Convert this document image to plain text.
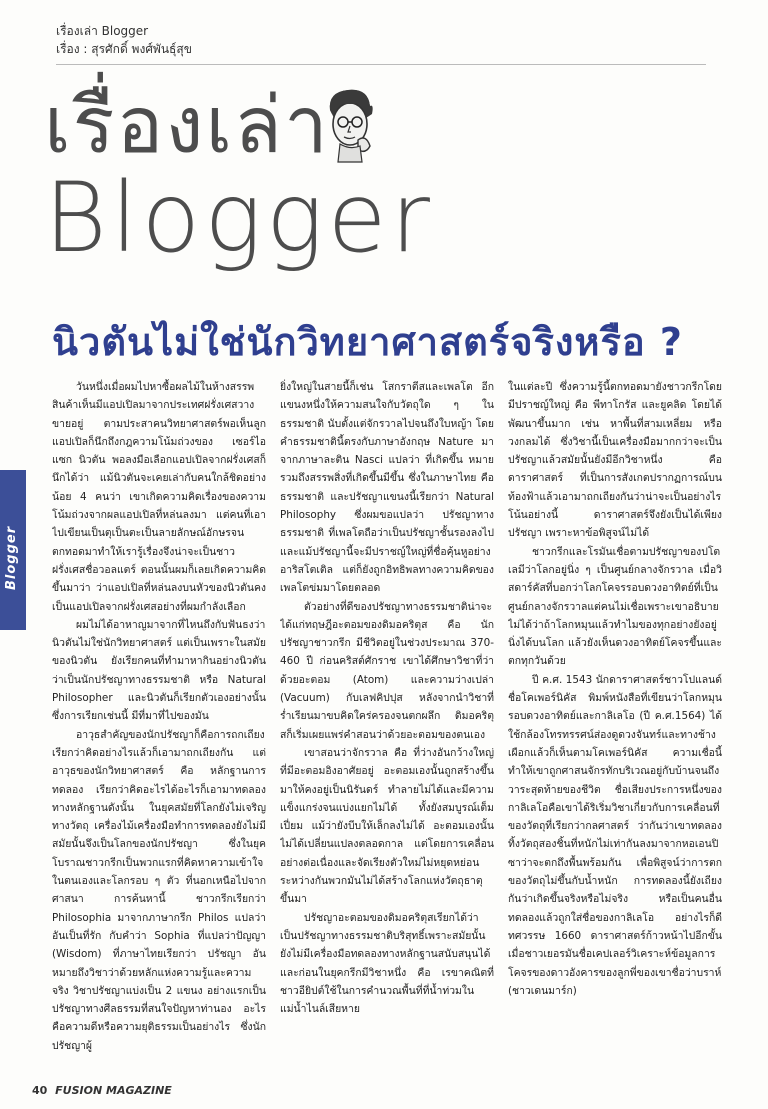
เรื่องเล่า Blogger
เรื่อง : สุรศักดิ์ พงศ์พันธุ์สุข
เรื่องเล่า
Blogger
นิวตันไม่ใช่นักวิทยาศาสตร์จริงหรือ ?
Blogger

วันหนึ่งเมื่อผมไปหาซื้อผลไม้ในห้างสรรพสินค้าเห็นมีแอปเปิลมาจากประเทศฝรั่งเศสวางขายอยู่ ตามประสาคนวิทยาศาสตร์พอเห็นลูกแอปเปิลก็นึกถึงกฎความโน้มถ่วงของ เซอร์ไอแซก นิวตัน พอลงมือเลือกแอปเปิลจากฝรั่งเศสก็นึกได้ว่า แม้นิวตันจะเคยเล่ากับคนใกล้ชิดอย่างน้อย 4 คนว่า เขาเกิดความคิดเรื่องของความโน้มถ่วงจากผลแอปเปิลที่หล่นลงมา แต่คนที่เอาไปเขียนเป็นตุเป็นตะเป็นลายลักษณ์อักษรจนตกทอดมาทำให้เรารู้เรื่องจึงน่าจะเป็นชาวฝรั่งเศสชื่อวอลแตร์ ตอนนั้นผมก็เลยเกิดความคิดขึ้นมาว่า ว่าแอปเปิลที่หล่นลงบนหัวของนิวตันคงเป็นแอปเปิลจากฝรั่งเศสอย่างที่ผมกำลังเลือก

ผมไม่ได้อาหาญมาจากที่ไหนถึงกับฟันธงว่านิวตันไม่ใช่นักวิทยาศาสตร์ แต่เป็นเพราะในสมัยของนิวตัน ยังเรียกคนที่ทำมาหากินอย่างนิวตันว่าเป็นนักปรัชญาทางธรรมชาติ หรือ Natural Philosopher และนิวตันก็เรียกตัวเองอย่างนั้น ซึ่งการเรียกเช่นนี้ มีที่มาที่ไปของมัน

อาวุธสำคัญของนักปรัชญาก็คือการถกเถียงเรียกว่าคิดอย่างไรแล้วก็เอามาถกเถียงกัน แต่อาวุธของนักวิทยาศาสตร์ คือ หลักฐานการทดลอง เรียกว่าคิดอะไรได้อะไรก็เอามาทดลองทางหลักฐานดังนั้น ในยุคสมัยที่โลกยังไม่เจริญทางวัตถุ เครื่องไม้เครื่องมือทำการทดลองยังไม่มี สมัยนั้นจึงเป็นโลกของนักปรัชญา ซึ่งในยุคโบราณชาวกรีกเป็นพวกแรกที่คิดหาความเข้าใจในตนเองและโลกรอบ ๆ ตัว ที่นอกเหนือไปจากศาสนา การค้นหานี้ ชาวกรีกเรียกว่า Philosophia มาจากภาษากรีก Philos แปลว่า อันเป็นที่รัก กับคำว่า Sophia ที่แปลว่าปัญญา (Wisdom) ที่ภาษาไทยเรียกว่า ปรัชญา อันหมายถึงวิชาว่าด้วยหลักแห่งความรู้และความจริง วิชาปรัชญาแบ่งเป็น 2 แขนง อย่างแรกเป็นปรัชญาทางศีลธรรมที่สนใจปัญหาท่านอง อะไรคือความดีหรือความยุติธรรมเป็นอย่างไร ซึ่งนักปรัชญาผู้

ยิ่งใหญ่ในสายนี้ก็เช่น โสกราตีสและเพลโต อีกแขนงหนึ่งให้ความสนใจกับวัตถุใด ๆ ในธรรมชาติ นับตั้งแต่จักรวาลไปจนถึงใบหญ้า โดยคำธรรมชาตินี้ตรงกับภาษาอังกฤษ Nature มาจากภาษาละติน Nasci แปลว่า ที่เกิดขึ้น หมายรวมถึงสรรพสิ่งที่เกิดขึ้นมีขึ้น ซึ่งในภาษาไทย คือ ธรรมชาติ และปรัชญาแขนงนี้เรียกว่า Natural Philosophy ซึ่งผมขอแปลว่า ปรัชญาทางธรรมชาติ ที่เพลโตถือว่าเป็นปรัชญาชั้นรองลงไป และแม้ปรัชญานี้จะมีปราชญ์ใหญ่ที่ชื่อคุ้นหูอย่าง อาริสโตเติล แต่ก็ยังถูกอิทธิพลทางความคิดของเพลโตข่มมาโดยตลอด

ตัวอย่างที่ดีของปรัชญาทางธรรมชาติน่าจะได้แก่ทฤษฎีอะตอมของดิมอคริตุส คือ นักปรัชญาชาวกรีก มีชีวิตอยู่ในช่วงประมาณ 370-460 ปี ก่อนคริสต์ศักราช เขาได้ศึกษาวิชาที่ว่าด้วยอะตอม (Atom) และความว่างเปล่า (Vacuum) กับเลฟคิปปุส หลังจากนำวิชาที่ร่ำเรียนมาขบคิดใคร่ครองจนตกผลึก ดิมอคริตุสก็เริ่มเผยแพร่คำสอนว่าด้วยอะตอมของตนเอง

เขาสอนว่าจักรวาล คือ ที่ว่างอันกว้างใหญ่ที่มีอะตอมอิงอาศัยอยู่ อะตอมเองนั้นถูกสร้างขึ้นมาให้คงอยู่เป็นนิรันดร์ ทำลายไม่ได้และมีความแข็งแกร่งจนแบ่งแยกไม่ได้ ทั้งยังสมบูรณ์เต็มเปี่ยม แม้ว่ายังบีบให้เล็กลงไม่ได้ อะตอมเองนั้นไม่ได้เปลี่ยนแปลงตลอดกาล แต่โดยการเคลื่อนอย่างต่อเนื่องและจัดเรียงตัวใหม่ไม่หยุดหย่อนระหว่างกันพวกมันไม่ได้สร้างโลกแห่งวัตถุธาตุขึ้นมา

ปรัชญาอะตอมของดิมอคริตุสเรียกได้ว่าเป็นปรัชญาทางธรรมชาติบริสุทธิ์เพราะสมัยนั้นยังไม่มีเครื่องมือทดลองทางหลักฐานสนับสนุนได้ และก่อนในยุคกรีกมีวิชาหนึ่ง คือ เรขาคณิตที่ชาวอียิปต์ใช้ในการคำนวณพื้นที่ที่น้ำท่วมในแม่น้ำไนล์เสียหาย

ในแต่ละปี ซึ่งความรู้นี้ตกทอดมายังชาวกรีกโดยมีปราชญ์ใหญ่ คือ พีทาโกรัส และยูคลิด โดยได้พัฒนาขึ้นมาก เช่น หาพื้นที่สามเหลี่ยม หรือวงกลมได้ ซึ่งวิชานี้เป็นเครื่องมือมากกว่าจะเป็นปรัชญาแล้วสมัยนั้นยังมีอีกวิชาหนึ่ง คือ ดาราศาสตร์ ที่เป็นการสังเกตปรากฏการณ์บนท้องฟ้าแล้วเอามาถกเถียงกันว่าน่าจะเป็นอย่างไรโน้นอย่างนี้ ดาราศาสตร์จึงยังเป็นได้เพียงปรัชญา เพราะหาข้อพิสูจน์ไม่ได้

ชาวกรีกและโรมันเชื่อตามปรัชญาของปโตเลมีว่าโลกอยู่นิ่ง ๆ เป็นศูนย์กลางจักรวาล เมื่อวิสดาร์คัสที่บอกว่าโลกโคจรรอบดวงอาทิตย์ที่เป็นศูนย์กลางจักรวาลแต่คนไม่เชื่อเพราะเขาอธิบายไม่ได้ว่าถ้าโลกหมุนแล้วทำไมของทุกอย่างยังอยู่นิ่งได้บนโลก แล้วยังเห็นดวงอาทิตย์โคจรขึ้นและตกทุกวันด้วย

ปี ค.ศ. 1543 นักดาราศาสตร์ชาวโปแลนด์ชื่อโคเพอร์นิคัส พิมพ์หนังสือที่เขียนว่าโลกหมุนรอบดวงอาทิตย์และกาลิเลโอ (ปี ค.ศ.1564) ได้ใช้กล้องโทรทรรศน์ส่องดูดวงจันทร์และทางช้างเผือกแล้วก็เห็นตามโคเพอร์นิคัส ความเชื่อนี้ทำให้เขาถูกศาสนจักรทักบริเวณอยู่กับบ้านจนถึงวาระสุดท้ายของชีวิต ชื่อเสียงประการหนึ่งของกาลิเลโอคือเขาได้ริเริ่มวิชาเกี่ยวกับการเคลื่อนที่ของวัตถุที่เรียกว่ากลศาสตร์ ว่ากันว่าเขาทดลองทิ้งวัตถุสองชิ้นที่หนักไม่เท่ากันลงมาจากหอเอนปิซาว่าจะตกถึงพื้นพร้อมกัน เพื่อพิสูจน์ว่าการตกของวัตถุไม่ขึ้นกับน้ำหนัก การทดลองนี้ยังเถียงกันว่าเกิดขึ้นจริงหรือไม่จริง หรือเป็นคนอื่นทดลองแล้วถูกใส่ชื่อของกาลิเลโอ อย่างไรก็ดีทศวรรษ 1660 ดาราศาสตร์ก้าวหน้าไปอีกขั้น เมื่อชาวเยอรมันชื่อเคปเลอร์วิเคราะห์ข้อมูลการโคจรของดาวอังคารของลูกพี่ของเขาชื่อว่าบราห์ (ชาวเดนมาร์ก)

40 FUSION MAGAZINE
